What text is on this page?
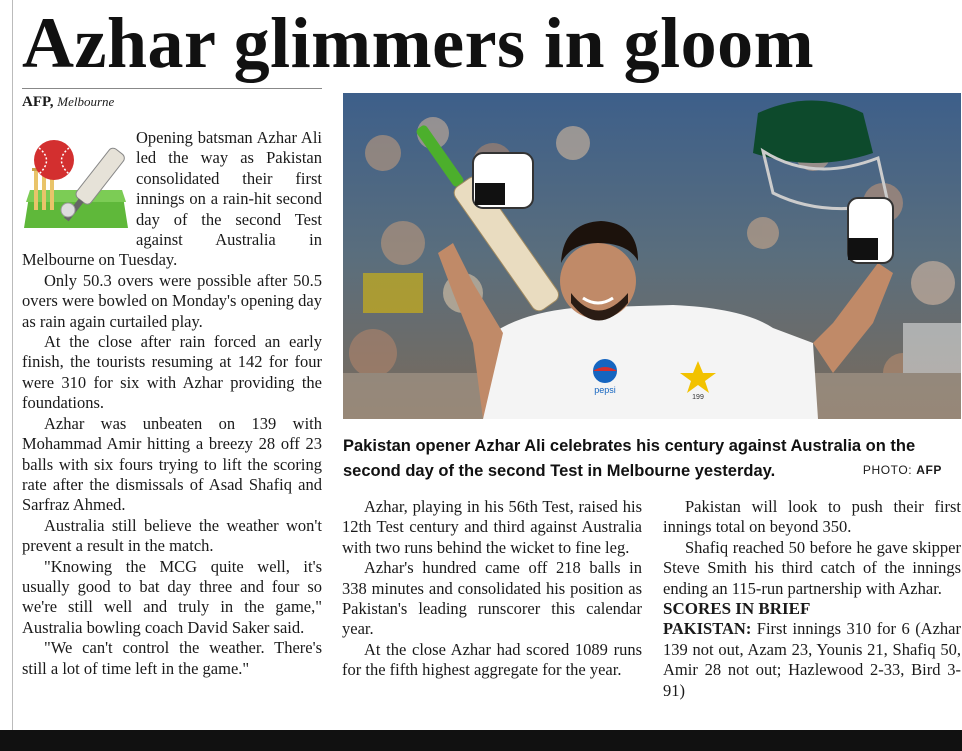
Azhar glimmers in gloom
AFP, Melbourne

Opening batsman Azhar Ali led the way as Pakistan consolidated their first innings on a rain-hit second day of the second Test against Australia in Melbourne on Tuesday.

Only 50.3 overs were possible after 50.5 overs were bowled on Monday's opening day as rain again curtailed play.

At the close after rain forced an early finish, the tourists resuming at 142 for four were 310 for six with Azhar providing the foundations.

Azhar was unbeaten on 139 with Mohammad Amir hitting a breezy 28 off 23 balls with six fours trying to lift the scoring rate after the dismissals of Asad Shafiq and Sarfraz Ahmed.

Australia still believe the weather won't prevent a result in the match.

"Knowing the MCG quite well, it's usually good to bat day three and four so we're still well and truly in the game," Australia bowling coach David Saker said.

"We can't control the weather. There's still a lot of time left in the game."

pepsi
199
Pakistan opener Azhar Ali celebrates his century against Australia on the second day of the second Test in Melbourne yesterday.	PHOTO: AFP

Azhar, playing in his 56th Test, raised his 12th Test century and third against Australia with two runs behind the wicket to fine leg.

Azhar's hundred came off 218 balls in 338 minutes and consolidated his position as Pakistan's leading runscorer this calendar year.

At the close Azhar had scored 1089 runs for the fifth highest aggregate for the year.

Pakistan will look to push their first innings total on beyond 350.

Shafiq reached 50 before he gave skipper Steve Smith his third catch of the innings ending an 115-run partnership with Azhar.

SCORES IN BRIEF

PAKISTAN: First innings 310 for 6 (Azhar 139 not out, Azam 23, Younis 21, Shafiq 50, Amir 28 not out; Hazlewood 2-33, Bird 3-91)
